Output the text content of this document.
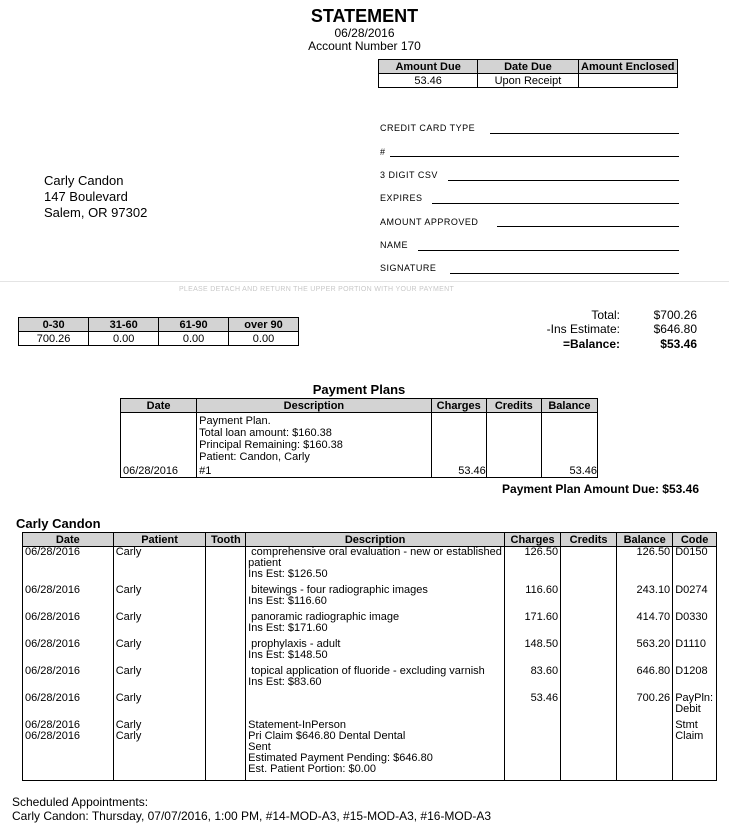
STATEMENT
06/28/2016
Account Number 170
Amount Due	Date Due	Amount Enclosed
53.46	Upon Receipt	
CREDIT CARD TYPE
#
3 DIGIT CSV
EXPIRES
AMOUNT APPROVED
NAME
SIGNATURE
Carly Candon
147 Boulevard
Salem, OR 97302
PLEASE DETACH AND RETURN THE UPPER PORTION WITH YOUR PAYMENT
0-30	31-60	61-90	over 90
700.26	0.00	0.00	0.00
Total:	$700.26
-Ins Estimate:	$646.80
=Balance:	$53.46
Payment Plans
Date	Description	Charges	Credits	Balance

	Payment Plan.
Total loan amount: $160.38
Principal Remaining: $160.38
Patient: Candon, Carly			

06/28/2016	#1	53.46		53.46
Payment Plan Amount Due: $53.46
Carly Candon
Date	Patient	Tooth	Description	Charges	Credits	Balance	Code
06/28/2016	Carly		comprehensive oral evaluation - new or established
patient
Ins Est: $126.50	126.50		126.50	D0150

06/28/2016	Carly		bitewings - four radiographic images
Ins Est: $116.60	116.60		243.10	D0274

06/28/2016	Carly		panoramic radiographic image
Ins Est: $171.60	171.60		414.70	D0330

06/28/2016	Carly		prophylaxis - adult
Ins Est: $148.50	148.50		563.20	D1110

06/28/2016	Carly		topical application of fluoride - excluding varnish
Ins Est: $83.60	83.60		646.80	D1208

06/28/2016	Carly			53.46		700.26	PayPln:
Debit

06/28/2016	Carly		Statement-InPerson				Stmt

06/28/2016	Carly		Pri Claim $646.80 Dental Dental
Sent
Estimated Payment Pending: $646.80
Est. Patient Portion: $0.00				Claim

Scheduled Appointments:
Carly Candon: Thursday, 07/07/2016, 1:00 PM, #14-MOD-A3, #15-MOD-A3, #16-MOD-A3
